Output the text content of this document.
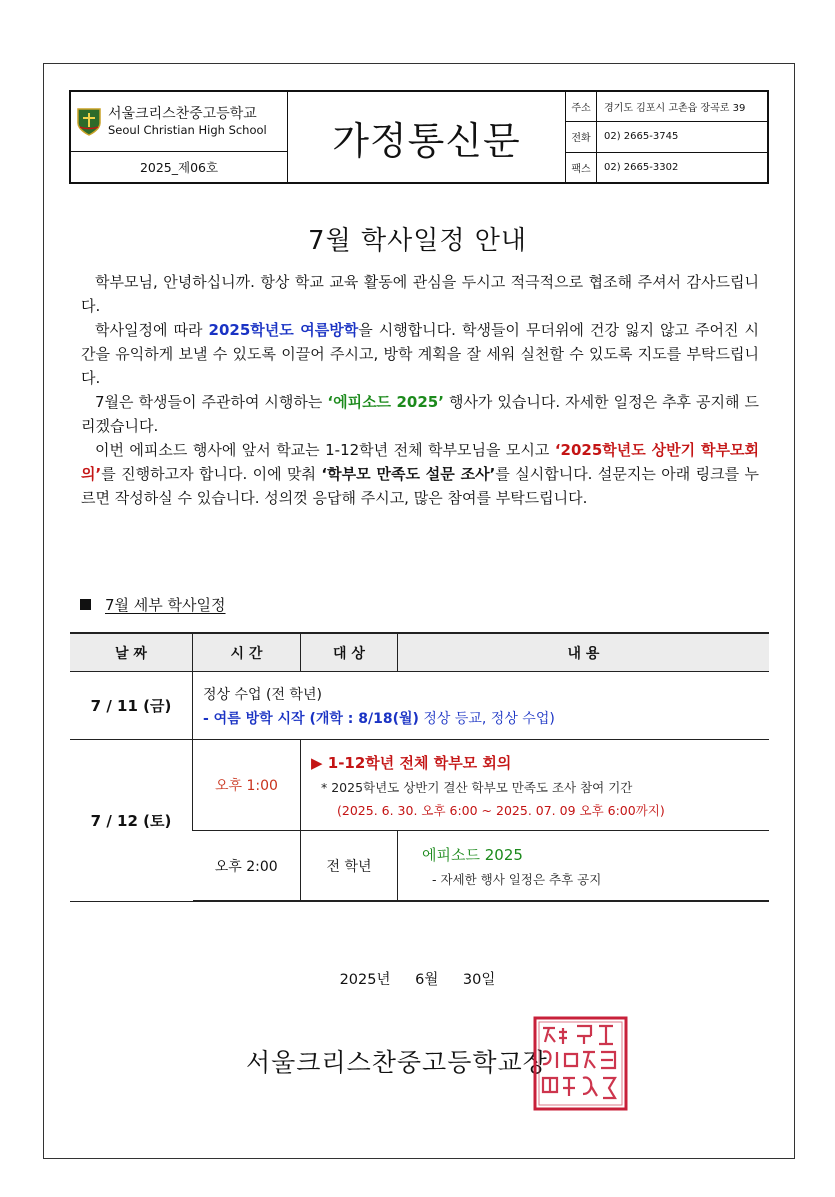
서울크리스찬중고등학교
Seoul Christian High School
2025_제06호
가정통신문
주소	경기도 김포시 고촌읍 장곡로 39
전화	02) 2665-3745
팩스	02) 2665-3302
7월 학사일정 안내

학부모님, 안녕하십니까. 항상 학교 교육 활동에 관심을 두시고 적극적으로 협조해 주셔서 감사드립니다.

학사일정에 따라 2025학년도 여름방학을 시행합니다. 학생들이 무더위에 건강 잃지 않고 주어진 시간을 유익하게 보낼 수 있도록 이끌어 주시고, 방학 계획을 잘 세워 실천할 수 있도록 지도를 부탁드립니다.

7월은 학생들이 주관하여 시행하는 ‘에피소드 2025’ 행사가 있습니다. 자세한 일정은 추후 공지해 드리겠습니다.

이번 에피소드 행사에 앞서 학교는 1-12학년 전체 학부모님을 모시고 ‘2025학년도 상반기 학부모회의’를 진행하고자 합니다. 이에 맞춰 ‘학부모 만족도 설문 조사’를 실시합니다. 설문지는 아래 링크를 누르면 작성하실 수 있습니다. 성의껏 응답해 주시고, 많은 참여를 부탁드립니다.

7월 세부 학사일정
날 짜	시 간	대 상	내 용
7 / 11 (금)	정상 수업 (전 학년)
- 여름 방학 시작 (개학 : 8/18(월) 정상 등교, 정상 수업)		

7 / 12 (토)	오후 1:00	▶ 1-12학년 전체 학부모 회의
* 2025학년도 상반기 결산 학부모 만족도 조사 참여 기간
(2025. 6. 30. 오후 6:00 ~ 2025. 07. 09 오후 6:00까지)	

	오후 2:00	전 학년	에피소드 2025
- 자세한 행사 일정은 추후 공지
2025년 6월 30일
서울크리스찬중고등학교장
